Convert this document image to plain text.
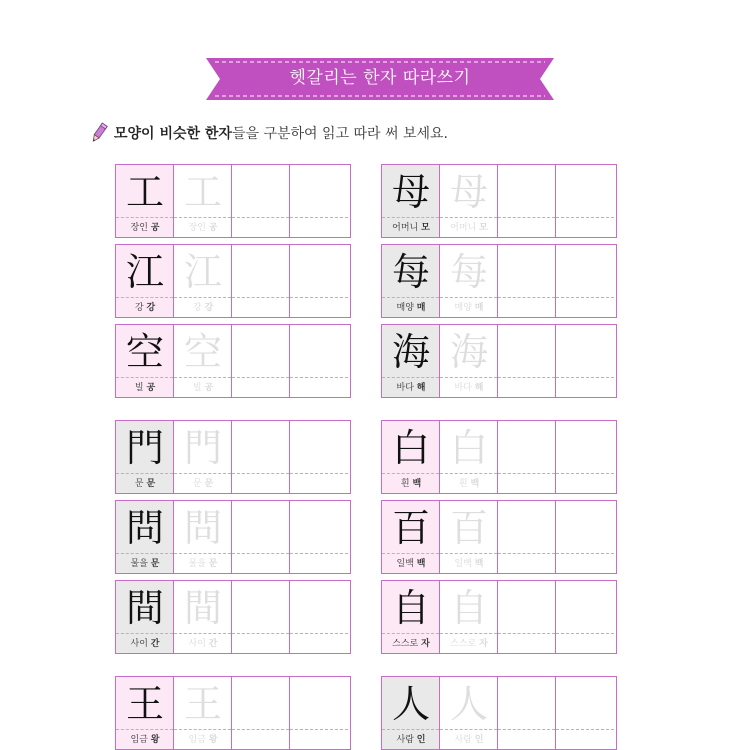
헷갈리는 한자 따라쓰기
모양이 비슷한 한자들을 구분하여 읽고 따라 써 보세요.
工
장인 공
工
장인 공
江
강 강
江
강 강
空
빌 공
空
빌 공
門
문 문
門
문 문
問
물을 문
問
물을 문
間
사이 간
間
사이 간
王
임금 왕
王
임금 왕
母
어머니 모
母
어머니 모
每
매양 매
每
매양 매
海
바다 해
海
바다 해
白
흰 백
白
흰 백
百
일백 백
百
일백 백
自
스스로 자
自
스스로 자
人
사람 인
人
사람 인
